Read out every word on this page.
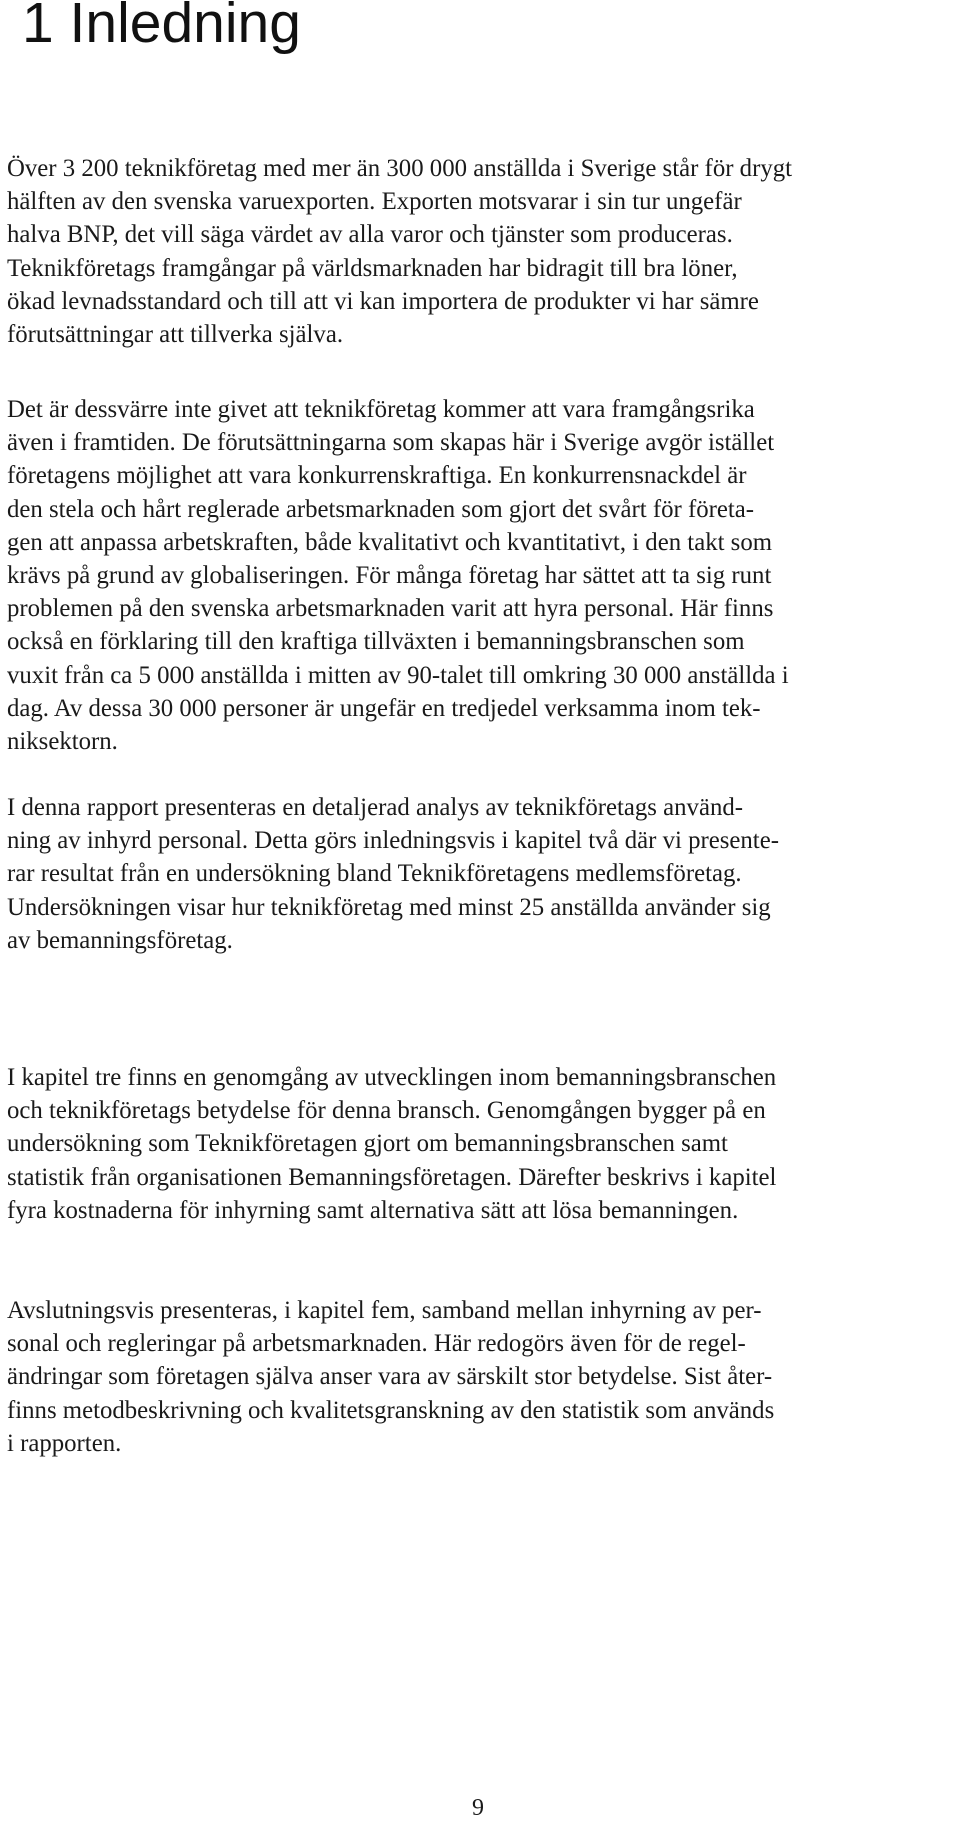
1 Inledning

Över 3 200 teknikföretag med mer än 300 000 anställda i Sverige står för drygt
hälften av den svenska varuexporten. Exporten motsvarar i sin tur ungefär
halva BNP, det vill säga värdet av alla varor och tjänster som produceras.
Teknikföretags framgångar på världsmarknaden har bidragit till bra löner,
ökad levnadsstandard och till att vi kan importera de produkter vi har sämre
förutsättningar att tillverka själva.

Det är dessvärre inte givet att teknikföretag kommer att vara framgångsrika
även i framtiden. De förutsättningarna som skapas här i Sverige avgör istället
företagens möjlighet att vara konkurrenskraftiga. En konkurrensnackdel är
den stela och hårt reglerade arbetsmarknaden som gjort det svårt för företa-
gen att anpassa arbetskraften, både kvalitativt och kvantitativt, i den takt som
krävs på grund av globaliseringen. För många företag har sättet att ta sig runt
problemen på den svenska arbetsmarknaden varit att hyra personal. Här finns
också en förklaring till den kraftiga tillväxten i bemanningsbranschen som
vuxit från ca 5 000 anställda i mitten av 90-talet till omkring 30 000 anställda i
dag. Av dessa 30 000 personer är ungefär en tredjedel verksamma inom tek-
niksektorn.

I denna rapport presenteras en detaljerad analys av teknikföretags använd-
ning av inhyrd personal. Detta görs inledningsvis i kapitel två där vi presente-
rar resultat från en undersökning bland Teknikföretagens medlemsföretag.
Undersökningen visar hur teknikföretag med minst 25 anställda använder sig
av bemanningsföretag.

I kapitel tre finns en genomgång av utvecklingen inom bemanningsbranschen
och teknikföretags betydelse för denna bransch. Genomgången bygger på en
undersökning som Teknikföretagen gjort om bemanningsbranschen samt
statistik från organisationen Bemanningsföretagen. Därefter beskrivs i kapitel
fyra kostnaderna för inhyrning samt alternativa sätt att lösa bemanningen.

Avslutningsvis presenteras, i kapitel fem, samband mellan inhyrning av per-
sonal och regleringar på arbetsmarknaden. Här redogörs även för de regel-
ändringar som företagen själva anser vara av särskilt stor betydelse. Sist åter-
finns metodbeskrivning och kvalitetsgranskning av den statistik som används
i rapporten.

9
